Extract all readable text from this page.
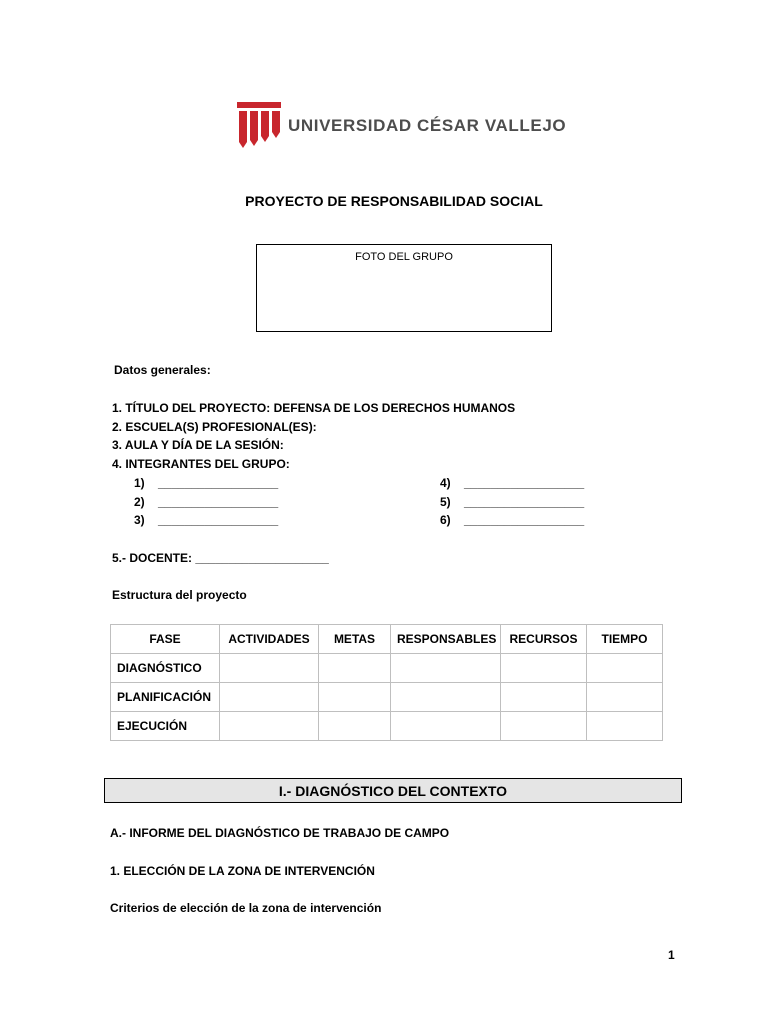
UNIVERSIDAD CÉSAR VALLEJO
PROYECTO DE RESPONSABILIDAD SOCIAL
FOTO DEL GRUPO
Datos generales:
1. TÍTULO DEL PROYECTO: DEFENSA DE LOS DERECHOS HUMANOS
2. ESCUELA(S) PROFESIONAL(ES):
3. AULA Y DÍA DE LA SESIÓN:
4. INTEGRANTES DEL GRUPO:
1)    __________________
2)    __________________
3)    __________________
4)    __________________
5)    __________________
6)    __________________
5.- DOCENTE: ____________________
Estructura del proyecto
FASE	ACTIVIDADES	METAS	RESPONSABLES	RECURSOS	TIEMPO
DIAGNÓSTICO					
PLANIFICACIÓN					
EJECUCIÓN					
I.- DIAGNÓSTICO DEL CONTEXTO
A.- INFORME DEL DIAGNÓSTICO DE TRABAJO DE CAMPO
1. ELECCIÓN DE LA ZONA DE INTERVENCIÓN
Criterios de elección de la zona de intervención
1
